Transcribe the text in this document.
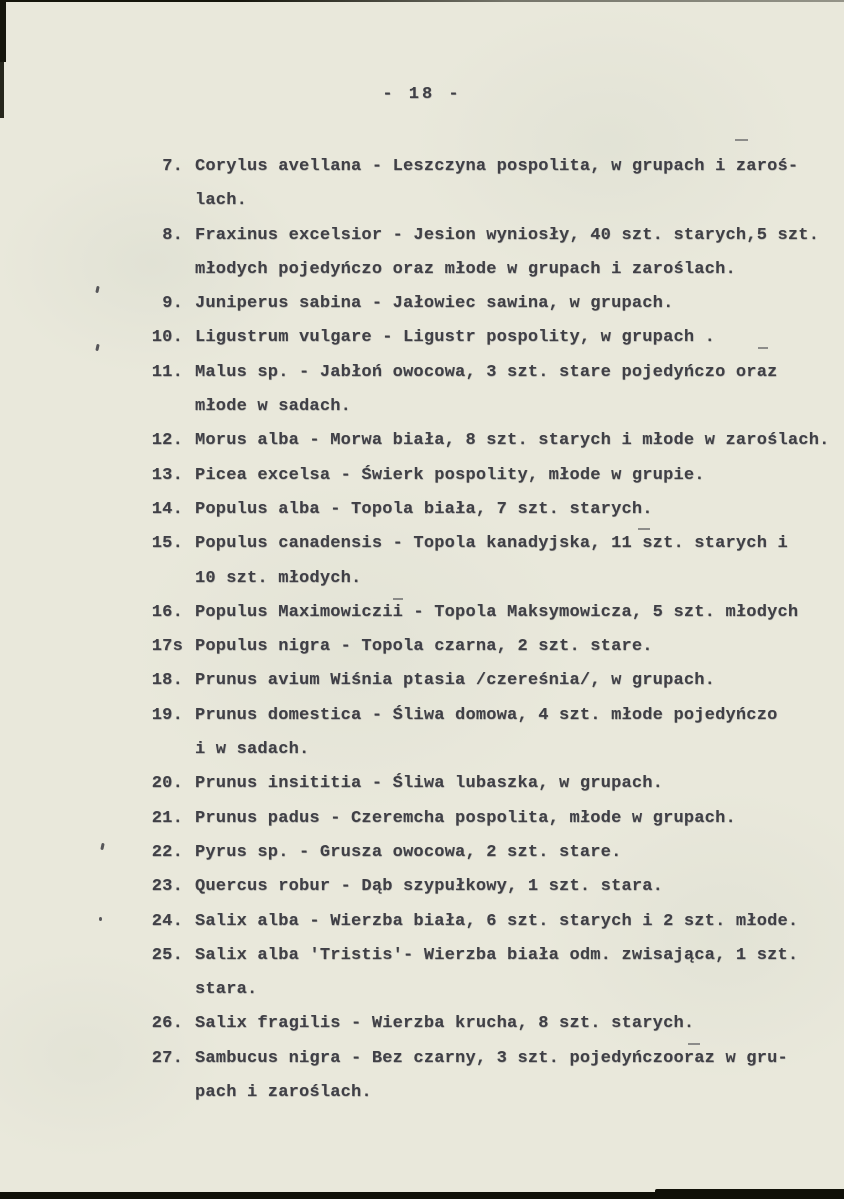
- 18 -
7. Corylus avellana - Leszczyna pospolita, w grupach i zaroś-
lach.
8. Fraxinus excelsior - Jesion wyniosły, 40 szt. starych,5 szt.
młodych pojedyńczo oraz młode w grupach i zaroślach.
9. Juniperus sabina - Jałowiec sawina, w grupach.
10. Ligustrum vulgare - Ligustr pospolity, w grupach .
11. Malus sp. - Jabłoń owocowa, 3 szt. stare pojedyńczo oraz
młode w sadach.
12. Morus alba - Morwa biała, 8 szt. starych i młode w zaroślach.
13. Picea excelsa - Świerk pospolity, młode w grupie.
14. Populus alba - Topola biała, 7 szt. starych.
15. Populus canadensis - Topola kanadyjska, 11 szt. starych i
10 szt. młodych.
16. Populus Maximowiczii - Topola Maksymowicza, 5 szt. młodych
17s Populus nigra - Topola czarna, 2 szt. stare.
18. Prunus avium Wiśnia ptasia /czereśnia/, w grupach.
19. Prunus domestica - Śliwa domowa, 4 szt. młode pojedyńczo
i w sadach.
20. Prunus insititia - Śliwa lubaszka, w grupach.
21. Prunus padus - Czeremcha pospolita, młode w grupach.
22. Pyrus sp. - Grusza owocowa, 2 szt. stare.
23. Quercus robur - Dąb szypułkowy, 1 szt. stara.
24. Salix alba - Wierzba biała, 6 szt. starych i 2 szt. młode.
25. Salix alba 'Tristis'- Wierzba biała odm. zwisająca, 1 szt.
stara.
26. Salix fragilis - Wierzba krucha, 8 szt. starych.
27. Sambucus nigra - Bez czarny, 3 szt. pojedyńczooraz w gru-
pach i zaroślach.
